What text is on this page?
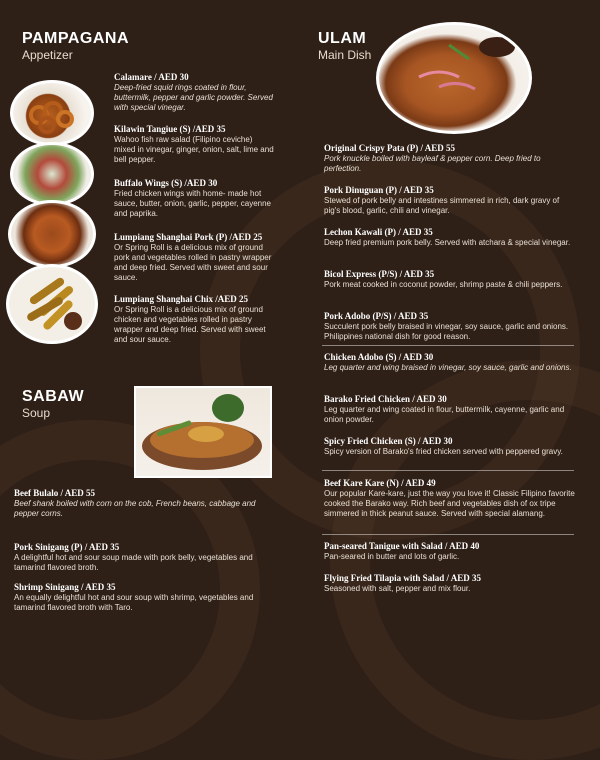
PAMPAGANA
Appetizer
Calamare / AED 30
Deep-fried squid rings coated in flour, buttermilk, pepper and garlic powder. Served with special vinegar.
Kilawin Tangiue (S) /AED 35
Wahoo fish raw salad (Filipino ceviche) mixed in vinegar, ginger, onion, salt, lime and bell pepper.
Buffalo Wings (S) /AED 30
Fried chicken wings with home- made hot sauce, butter, onion, garlic, pepper, cayenne and paprika.
Lumpiang Shanghai Pork (P) /AED 25
Or Spring Roll is a delicious mix of ground pork and vegetables rolled in pastry wrapper and deep fried. Served with sweet and sour sauce.
Lumpiang Shanghai Chix /AED 25
Or Spring Roll is a delicious mix of ground chicken and vegetables rolled in pastry wrapper and deep fried. Served with sweet and sour sauce.
ULAM
Main Dish
Original Crispy Pata (P) / AED 55
Pork knuckle boiled with bayleaf & pepper corn. Deep fried to perfection.
Pork Dinuguan (P) / AED 35
Stewed of pork belly and intestines simmered in rich, dark gravy of pig's blood, garlic, chili and vinegar.
Lechon Kawali (P) / AED 35
Deep fried premium pork belly. Served with atchara & special vinegar.
Bicol Express (P/S) / AED 35
Pork meat cooked in coconut powder, shrimp paste & chili peppers.
Pork Adobo (P/S) / AED 35
Succulent pork belly braised in vinegar, soy sauce, garlic and onions. Philippines national dish for good reason.
Chicken Adobo (S) / AED 30
Leg quarter and wing braised in vinegar, soy sauce, garlic and onions.
Barako Fried Chicken / AED 30
Leg quarter and wing coated in flour, buttermilk, cayenne, garlic and onion powder.
Spicy Fried Chicken (S) / AED 30
Spicy version of Barako's fried chicken served with peppered gravy.
Beef Kare Kare (N) / AED 49
Our popular Kare-kare, just the way you love it! Classic Filipino favorite cooked the Barako way. Rich beef and vegetables dish of ox tripe simmered in thick peanut sauce. Served with special alamang.
Pan-seared Tanigue with Salad / AED 40
Pan-seared in butter and lots of garlic.
Flying Fried Tilapia with Salad / AED 35
Seasoned with salt, pepper and mix flour.
SABAW
Soup
Beef Bulalo / AED 55
Beef shank boiled with corn on the cob, French beans, cabbage and pepper corns.
Pork Sinigang (P) / AED 35
A delightful hot and sour soup made with pork belly, vegetables and tamarind flavored broth.
Shrimp Sinigang / AED 35
An equally delightful hot and sour soup with shrimp, vegetables and tamarind flavored broth with Taro.
